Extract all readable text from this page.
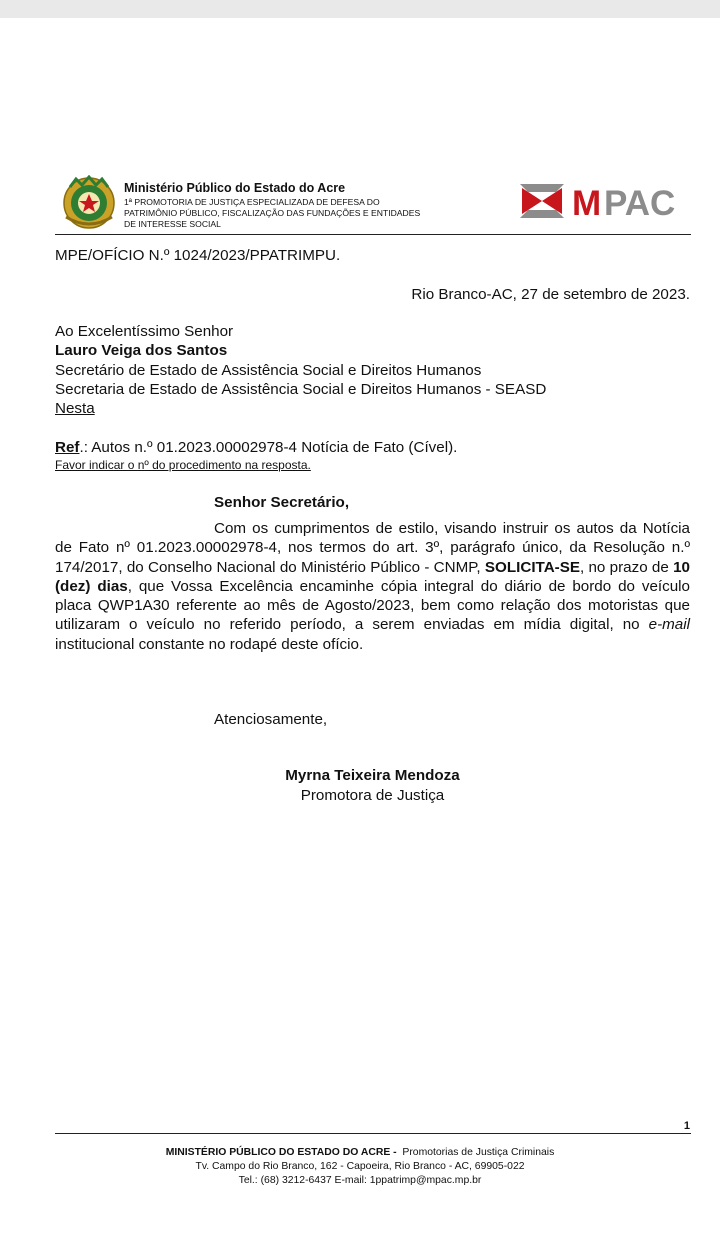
Ministério Público do Estado do Acre
1ª PROMOTORIA DE JUSTIÇA ESPECIALIZADA DE DEFESA DO PATRIMÔNIO PÚBLICO, FISCALIZAÇÃO DAS FUNDAÇÕES E ENTIDADES DE INTERESSE SOCIAL
M PAC
MPE/OFÍCIO N.º 1024/2023/PPATRIMPU.
Rio Branco-AC, 27 de setembro de 2023.
Ao Excelentíssimo Senhor
Lauro Veiga dos Santos
Secretário de Estado de Assistência Social e Direitos Humanos
Secretaria de Estado de Assistência Social e Direitos Humanos - SEASD
Nesta
Ref.: Autos n.º 01.2023.00002978-4 Notícia de Fato (Cível).
Favor indicar o nº do procedimento na resposta.
Senhor Secretário,
Com os cumprimentos de estilo, visando instruir os autos da Notícia de Fato nº 01.2023.00002978-4, nos termos do art. 3º, parágrafo único, da Resolução n.º 174/2017, do Conselho Nacional do Ministério Público - CNMP, SOLICITA-SE, no prazo de 10 (dez) dias, que Vossa Excelência encaminhe cópia integral do diário de bordo do veículo placa QWP1A30 referente ao mês de Agosto/2023, bem como relação dos motoristas que utilizaram o veículo no referido período, a serem enviadas em mídia digital, no e-mail institucional constante no rodapé deste ofício.
Atenciosamente,
Myrna Teixeira Mendoza
Promotora de Justiça
1
MINISTÉRIO PÚBLICO DO ESTADO DO ACRE - Promotorias de Justiça Criminais
Tv. Campo do Rio Branco, 162 - Capoeira, Rio Branco - AC, 69905-022
Tel.: (68) 3212-6437 E-mail: 1ppatrimp@mpac.mp.br
